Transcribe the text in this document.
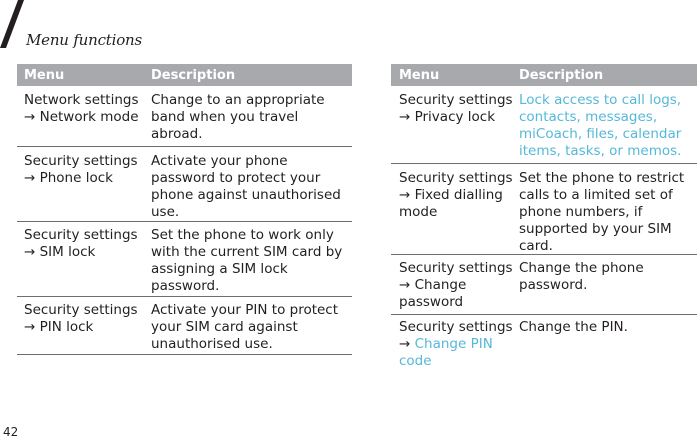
Menu functions
Menu	Description
Network settings
→ Network mode
Change to an appropriate band when you travel abroad.
Security settings
→ Phone lock
Activate your phone password to protect your phone against unauthorised use.
Security settings
→ SIM lock
Set the phone to work only with the current SIM card by assigning a SIM lock password.
Security settings
→ PIN lock
Activate your PIN to protect your SIM card against unauthorised use.
Menu	Description
Security settings
→ Privacy lock
Lock access to call logs, contacts, messages, miCoach, files, calendar items, tasks, or memos.
Security settings
→ Fixed dialling mode
Set the phone to restrict calls to a limited set of phone numbers, if supported by your SIM card.
Security settings
→ Change password
Change the phone password.
Security settings
→ Change PIN code
Change the PIN.
42
